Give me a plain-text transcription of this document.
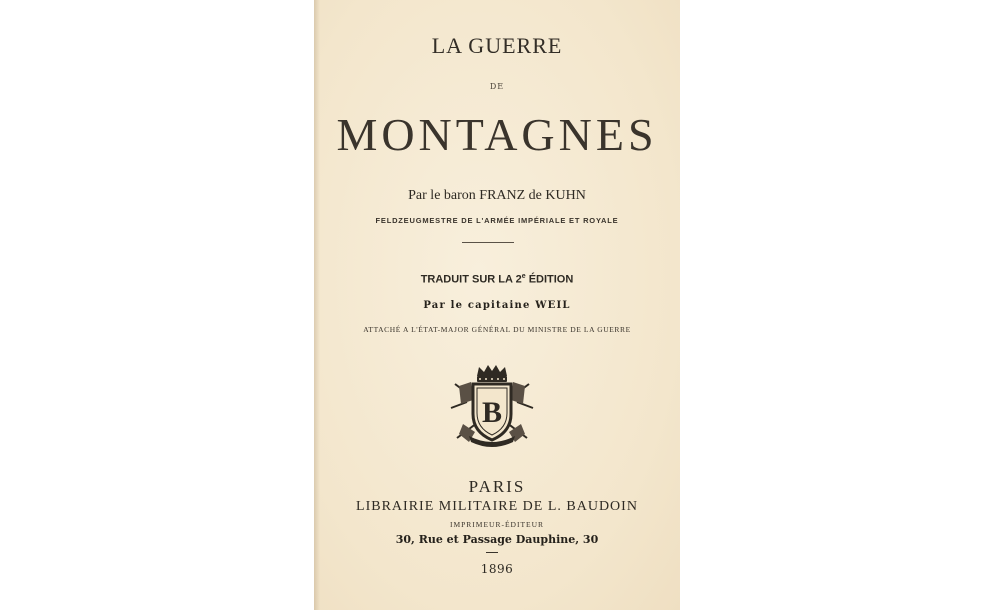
LA GUERRE
DE
MONTAGNES
Par le baron FRANZ de KUHN
FELDZEUGMESTRE DE L'ARMÉE IMPÉRIALE ET ROYALE
TRADUIT SUR LA 2e ÉDITION
Par le capitaine WEIL
ATTACHÉ A L'ÉTAT-MAJOR GÉNÉRAL DU MINISTRE DE LA GUERRE
B
PARIS
LIBRAIRIE MILITAIRE DE L. BAUDOIN
IMPRIMEUR-ÉDITEUR
30, Rue et Passage Dauphine, 30
1896
